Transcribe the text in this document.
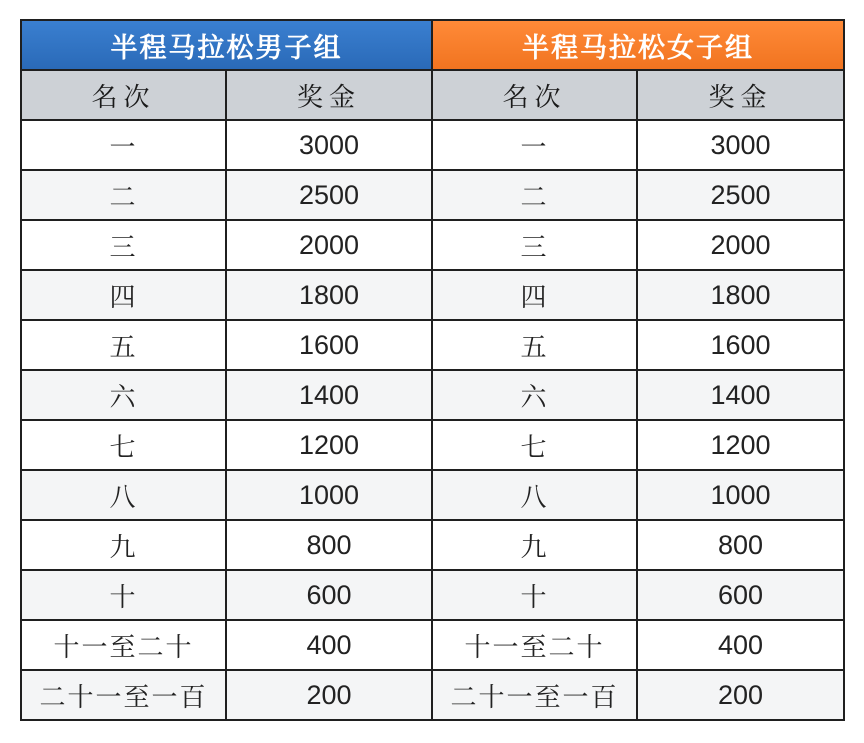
半程马拉松男子组		半程马拉松女子组	
名次	奖金	名次	奖金
一	3000	一	3000
二	2500	二	2500
三	2000	三	2000
四	1800	四	1800
五	1600	五	1600
六	1400	六	1400
七	1200	七	1200
八	1000	八	1000
九	800	九	800
十	600	十	600
十一至二十	400	十一至二十	400
二十一至一百	200	二十一至一百	200
